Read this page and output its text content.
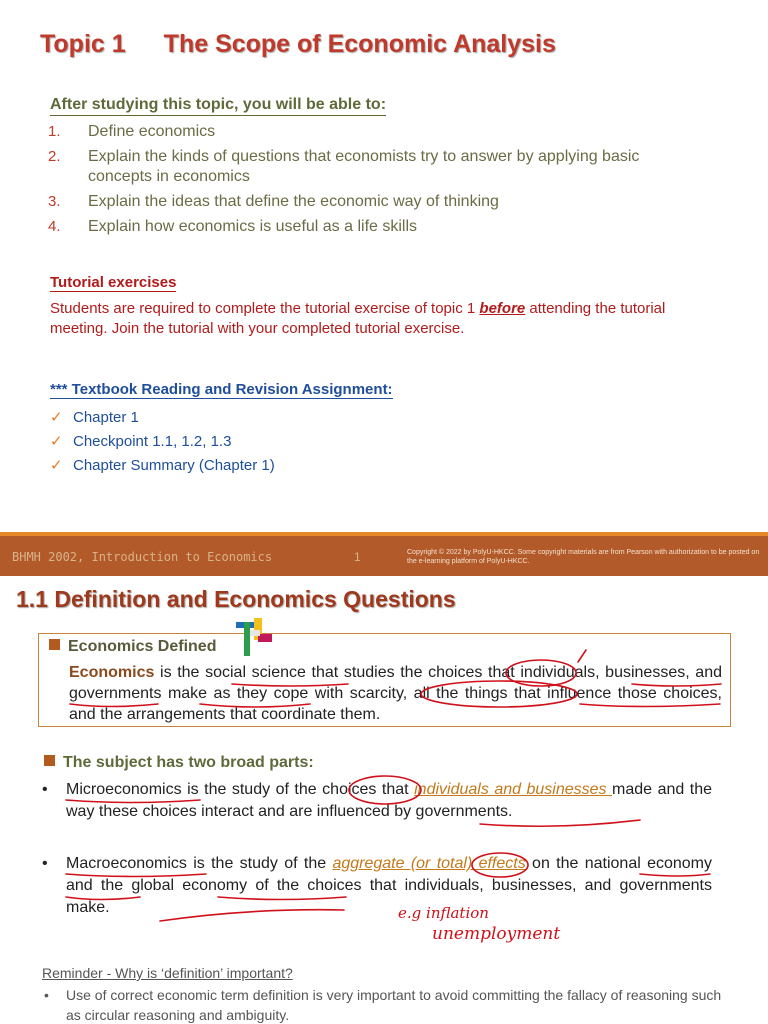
Topic 1 The Scope of Economic Analysis
After studying this topic, you will be able to:
1.	Define economics
2.	Explain the kinds of questions that economists try to answer by applying basic concepts in economics
3.	Explain the ideas that define the economic way of thinking
4.	Explain how economics is useful as a life skills
Tutorial exercises
Students are required to complete the tutorial exercise of topic 1 before attending the tutorial meeting. Join the tutorial with your completed tutorial exercise.
*** Textbook Reading and Revision Assignment:
✓ Chapter 1
✓ Checkpoint 1.1, 1.2, 1.3
✓ Chapter Summary (Chapter 1)
BHMH 2002, Introduction to Economics	1	Copyright © 2022 by PolyU-HKCC. Some copyright materials are from Pearson with authorization to be posted on the e-learning platform of PolyU-HKCC.
1.1 Definition and Economics Questions
Economics Defined
Economics is the social science that studies the choices that individuals, businesses, and governments make as they cope with scarcity, all the things that influence those choices, and the arrangements that coordinate them.
The subject has two broad parts:
•	Microeconomics is the study of the choices that individuals and businesses made and the way these choices interact and are influenced by governments.
•	Macroeconomics is the study of the aggregate (or total) effects on the national economy and the global economy of the choices that individuals, businesses, and governments make.
Reminder - Why is ‘definition’ important?
•	Use of correct economic term definition is very important to avoid committing the fallacy of reasoning such as circular reasoning and ambiguity.
e.g inflation
unemployment
